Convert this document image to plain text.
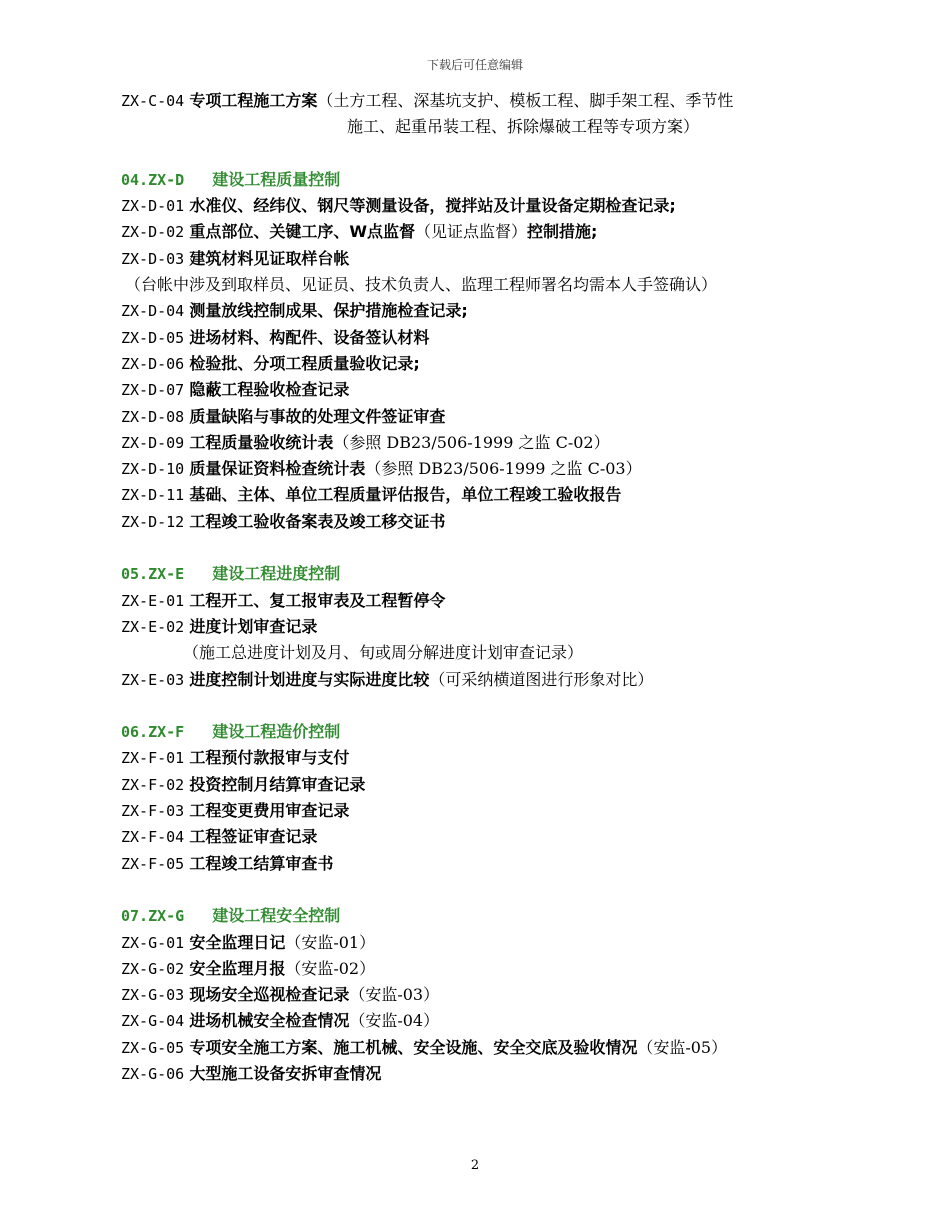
下载后可任意编辑
ZX-C-04 专项工程施工方案（土方工程、深基坑支护、模板工程、脚手架工程、季节性
施工、起重吊装工程、拆除爆破工程等专项方案）
04.ZX-D 建设工程质量控制
ZX-D-01 水准仪、经纬仪、钢尺等测量设备，搅拌站及计量设备定期检查记录;
ZX-D-02 重点部位、关键工序、W点监督（见证点监督）控制措施;
ZX-D-03 建筑材料见证取样台帐
（台帐中涉及到取样员、见证员、技术负责人、监理工程师署名均需本人手签确认）
ZX-D-04 测量放线控制成果、保护措施检查记录;
ZX-D-05 进场材料、构配件、设备签认材料
ZX-D-06 检验批、分项工程质量验收记录;
ZX-D-07 隐蔽工程验收检查记录
ZX-D-08 质量缺陷与事故的处理文件签证审查
ZX-D-09 工程质量验收统计表（参照 DB23/506-1999 之监 C-02）
ZX-D-10 质量保证资料检查统计表（参照 DB23/506-1999 之监 C-03）
ZX-D-11 基础、主体、单位工程质量评估报告，单位工程竣工验收报告
ZX-D-12 工程竣工验收备案表及竣工移交证书
05.ZX-E 建设工程进度控制
ZX-E-01 工程开工、复工报审表及工程暂停令
ZX-E-02 进度计划审查记录
（施工总进度计划及月、旬或周分解进度计划审查记录）
ZX-E-03 进度控制计划进度与实际进度比较（可采纳横道图进行形象对比）
06.ZX-F 建设工程造价控制
ZX-F-01 工程预付款报审与支付
ZX-F-02 投资控制月结算审查记录
ZX-F-03 工程变更费用审查记录
ZX-F-04 工程签证审查记录
ZX-F-05 工程竣工结算审查书
07.ZX-G 建设工程安全控制
ZX-G-01 安全监理日记（安监-01）
ZX-G-02 安全监理月报（安监-02）
ZX-G-03 现场安全巡视检查记录（安监-03）
ZX-G-04 进场机械安全检查情况（安监-04）
ZX-G-05 专项安全施工方案、施工机械、安全设施、安全交底及验收情况（安监-05）
ZX-G-06 大型施工设备安拆审查情况
2
